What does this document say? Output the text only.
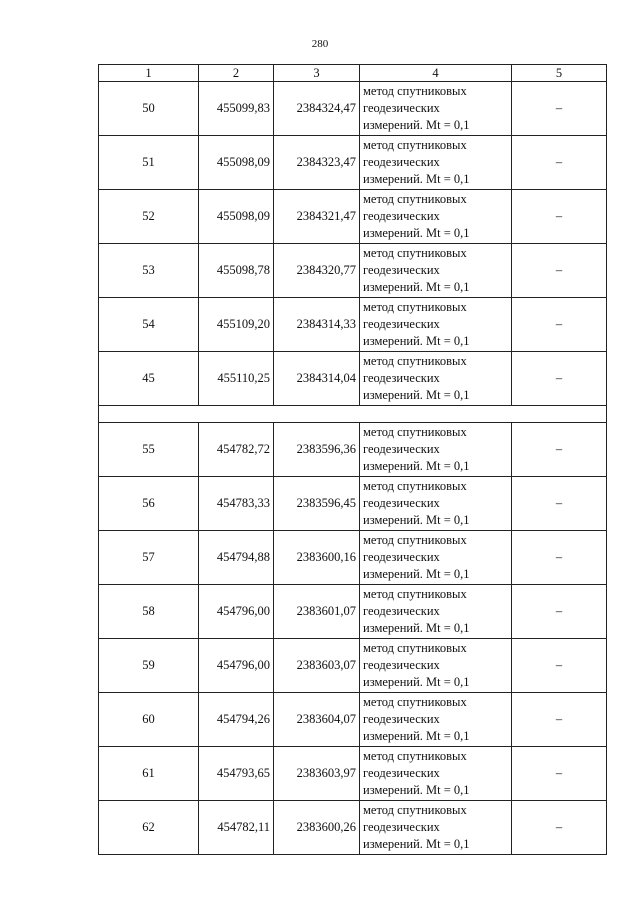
280
1	2	3	4	5
50	455099,83	2384324,47	метод спутниковых
геодезических
измерений. Mt = 0,1	–
51	455098,09	2384323,47	метод спутниковых
геодезических
измерений. Mt = 0,1	–
52	455098,09	2384321,47	метод спутниковых
геодезических
измерений. Mt = 0,1	–
53	455098,78	2384320,77	метод спутниковых
геодезических
измерений. Mt = 0,1	–
54	455109,20	2384314,33	метод спутниковых
геодезических
измерений. Mt = 0,1	–
45	455110,25	2384314,04	метод спутниковых
геодезических
измерений. Mt = 0,1	–

55	454782,72	2383596,36	метод спутниковых
геодезических
измерений. Mt = 0,1	–
56	454783,33	2383596,45	метод спутниковых
геодезических
измерений. Mt = 0,1	–
57	454794,88	2383600,16	метод спутниковых
геодезических
измерений. Mt = 0,1	–
58	454796,00	2383601,07	метод спутниковых
геодезических
измерений. Mt = 0,1	–
59	454796,00	2383603,07	метод спутниковых
геодезических
измерений. Mt = 0,1	–
60	454794,26	2383604,07	метод спутниковых
геодезических
измерений. Mt = 0,1	–
61	454793,65	2383603,97	метод спутниковых
геодезических
измерений. Mt = 0,1	–
62	454782,11	2383600,26	метод спутниковых
геодезических
измерений. Mt = 0,1	–
